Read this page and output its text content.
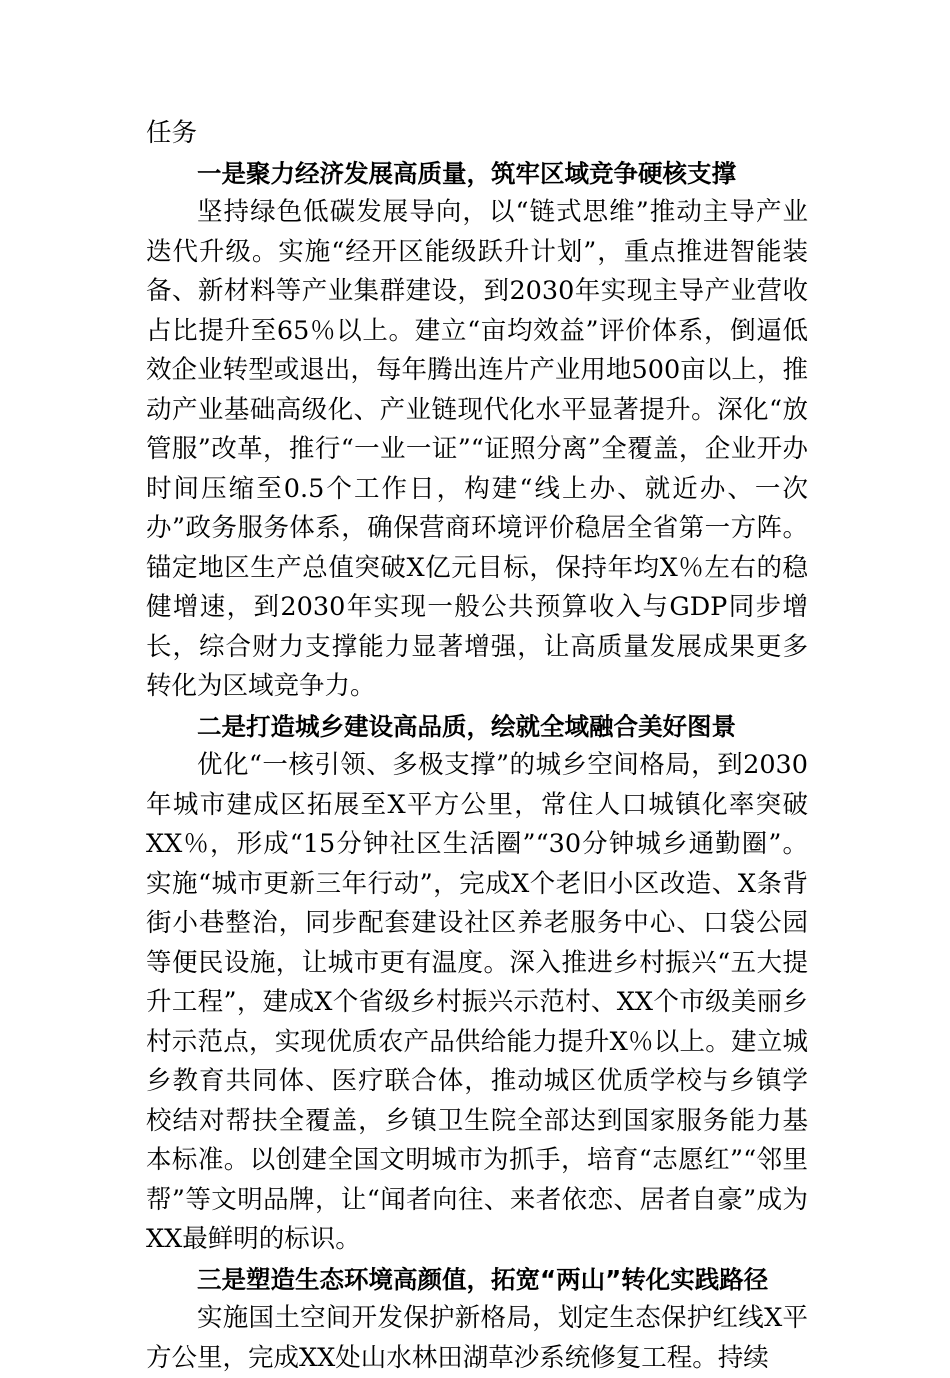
任务

一是聚力经济发展高质量，筑牢区域竞争硬核支撑

坚持绿色低碳发展导向，以“链式思维”推动主导产业迭代升级。实施“经开区能级跃升计划”，重点推进智能装备、新材料等产业集群建设，到2030年实现主导产业营收占比提升至65％以上。建立“亩均效益”评价体系，倒逼低效企业转型或退出，每年腾出连片产业用地500亩以上，推动产业基础高级化、产业链现代化水平显著提升。深化“放管服”改革，推行“一业一证”“证照分离”全覆盖，企业开办时间压缩至0.5个工作日，构建“线上办、就近办、一次办”政务服务体系，确保营商环境评价稳居全省第一方阵。锚定地区生产总值突破X亿元目标，保持年均X％左右的稳健增速，到2030年实现一般公共预算收入与GDP同步增长，综合财力支撑能力显著增强，让高质量发展成果更多转化为区域竞争力。

二是打造城乡建设高品质，绘就全域融合美好图景

优化“一核引领、多极支撑”的城乡空间格局，到2030年城市建成区拓展至X平方公里，常住人口城镇化率突破XX％，形成“15分钟社区生活圈”“30分钟城乡通勤圈”。实施“城市更新三年行动”，完成X个老旧小区改造、X条背街小巷整治，同步配套建设社区养老服务中心、口袋公园等便民设施，让城市更有温度。深入推进乡村振兴“五大提升工程”，建成X个省级乡村振兴示范村、XX个市级美丽乡村示范点，实现优质农产品供给能力提升X％以上。建立城乡教育共同体、医疗联合体，推动城区优质学校与乡镇学校结对帮扶全覆盖，乡镇卫生院全部达到国家服务能力基本标准。以创建全国文明城市为抓手，培育“志愿红”“邻里帮”等文明品牌，让“闻者向往、来者依恋、居者自豪”成为XX最鲜明的标识。

三是塑造生态环境高颜值，拓宽“两山”转化实践路径

实施国土空间开发保护新格局，划定生态保护红线X平方公里，完成XX处山水林田湖草沙系统修复工程。持续
